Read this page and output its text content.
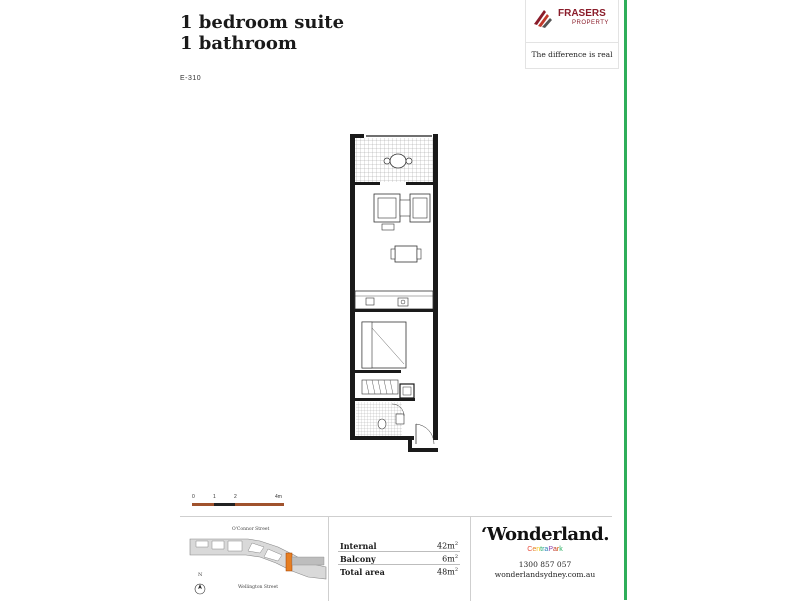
1 bedroom suite
1 bathroom
E-310
FRASERS
PROPERTY
The difference is real
0	1	2	4m
O'Connor Street
Wellington Street
N
Internal	$42m^2$
Balcony	$6m^2$
Total area	$48m^2$
‘Wonderland.
CentraPark
1300 857 057
wonderlandsydney.com.au
